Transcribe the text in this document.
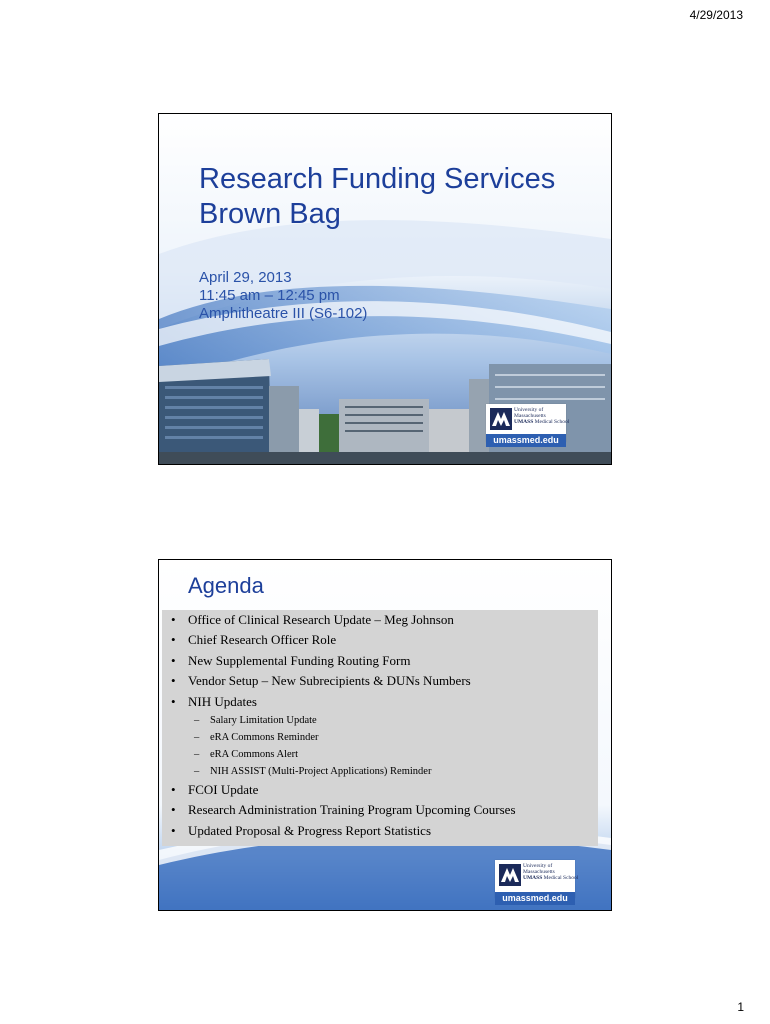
4/29/2013
Research Funding Services
Brown Bag
April 29, 2013
11:45 am – 12:45 pm
Amphitheatre III (S6-102)
University of
Massachusetts
UMASS Medical School
umassmed.edu
Agenda
• Office of Clinical Research Update – Meg Johnson
• Chief Research Officer Role
• New Supplemental Funding Routing Form
• Vendor Setup – New Subrecipients & DUNs Numbers
• NIH Updates
– Salary Limitation Update
– eRA Commons Reminder
– eRA Commons Alert
– NIH ASSIST (Multi-Project Applications) Reminder
• FCOI Update
• Research Administration Training Program Upcoming Courses
• Updated Proposal & Progress Report Statistics
University of
Massachusetts
UMASS Medical School
umassmed.edu
1
